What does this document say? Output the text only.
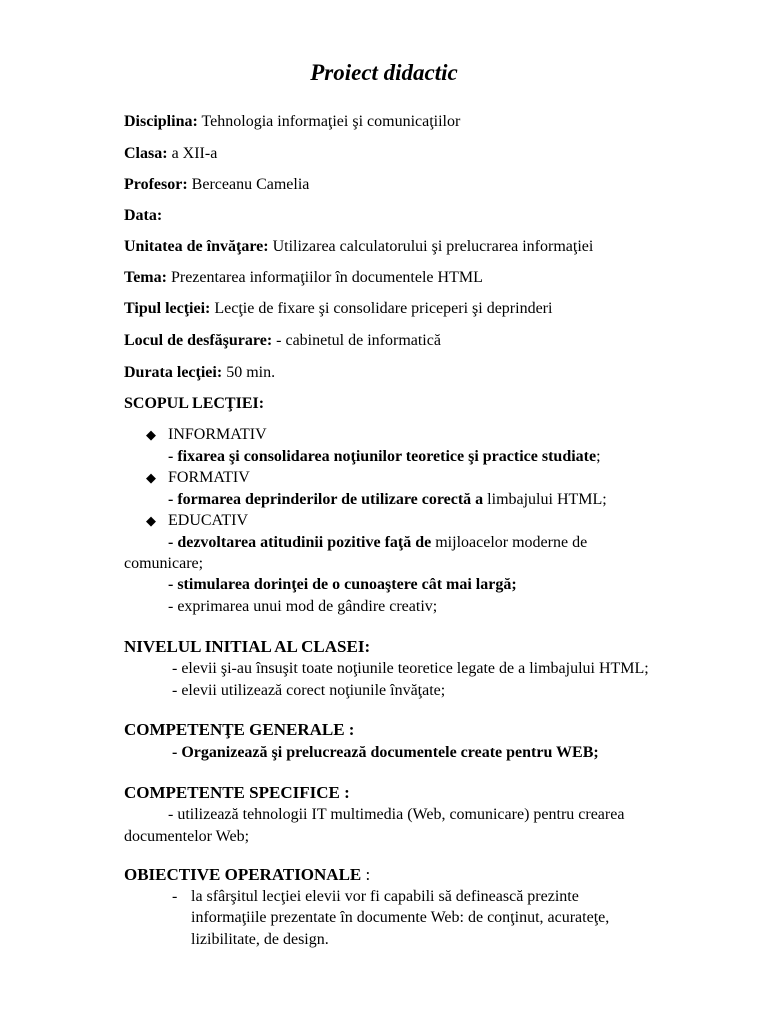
Proiect didactic
Disciplina: Tehnologia informaţiei şi comunicaţiilor
Clasa: a XII-a
Profesor: Berceanu Camelia
Data:
Unitatea de învăţare: Utilizarea calculatorului şi prelucrarea informaţiei
Tema: Prezentarea informaţiilor în documentele HTML
Tipul lecţiei: Lecţie de fixare şi consolidare priceperi şi deprinderi
Locul de desfăşurare: - cabinetul de informatică
Durata lecţiei: 50 min.
SCOPUL LECŢIEI:
◆ INFORMATIV
- fixarea şi consolidarea noţiunilor teoretice şi practice studiate;
◆ FORMATIV
- formarea deprinderilor de utilizare corectă a limbajului HTML;
◆ EDUCATIV
- dezvoltarea atitudinii pozitive faţă de mijloacelor moderne de
comunicare;
- stimularea dorinţei de o cunoaştere cât mai largă;
- exprimarea unui mod de gândire creativ;
NIVELUL INITIAL AL CLASEI:
- elevii şi-au însuşit toate noţiunile teoretice legate de a limbajului HTML;
- elevii utilizează corect noţiunile învăţate;
COMPETENŢE GENERALE :
- Organizează şi prelucrează documentele create pentru WEB;
COMPETENTE SPECIFICE :
- utilizează tehnologii IT multimedia (Web, comunicare) pentru crearea
documentelor Web;
OBIECTIVE OPERATIONALE :
- la sfârşitul lecţiei elevii vor fi capabili să definească prezinte
informaţiile prezentate în documente Web: de conţinut, acurateţe,
lizibilitate, de design.
